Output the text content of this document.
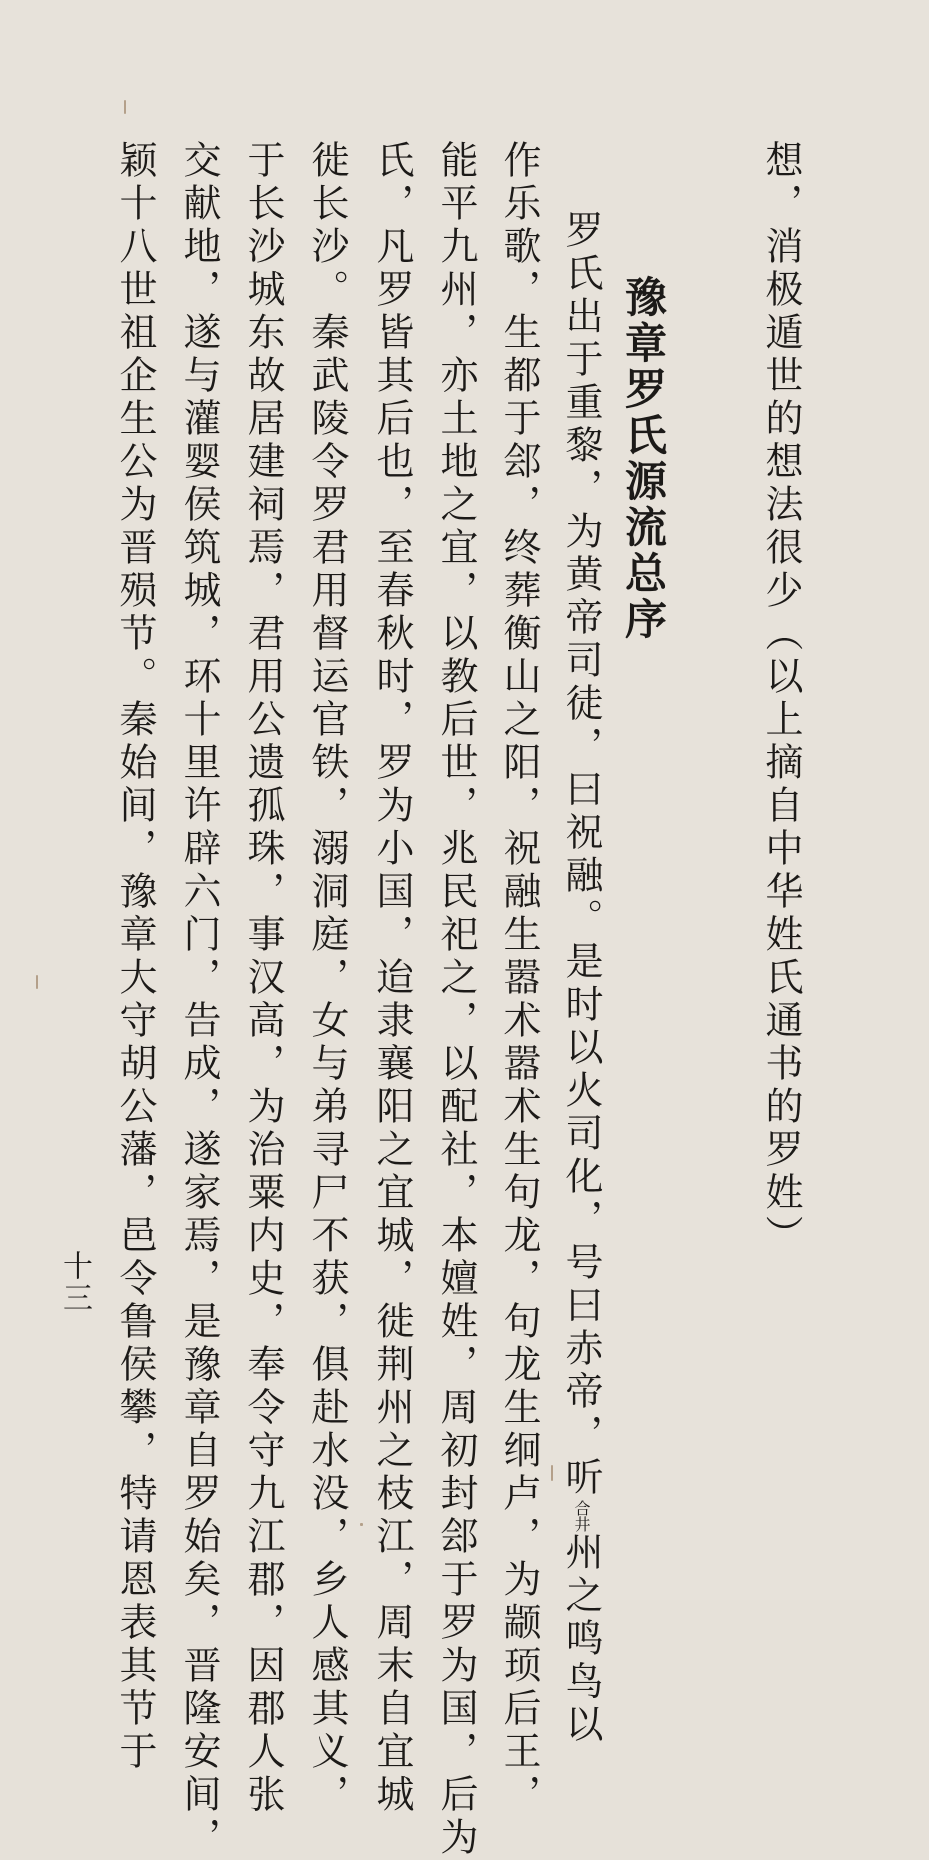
想，消极遁世的想法很少（以上摘自中华姓氏通书的罗姓）
豫章罗氏源流总序
罗氏出于重黎，为黄帝司徒，曰祝融。是时以火司化，号曰赤帝，听合井州之鸣鸟以
作乐歌，生都于郐，终葬衡山之阳，祝融生嚣术嚣术生句龙，句龙生䌹卢，为颛顼后王，
能平九州，亦土地之宜，以教后世，兆民祀之，以配社，本嬗姓，周初封郐于罗为国，后为
氏，凡罗皆其后也，至春秋时，罗为小国，迨隶襄阳之宜城，徙荆州之枝江，周末自宜城
徙长沙。秦武陵令罗君用督运官铁，溺洞庭，女与弟寻尸不获，俱赴水没，乡人感其义，
于长沙城东故居建祠焉，君用公遗孤珠，事汉高，为治粟内史，奉令守九江郡，因郡人张
交献地，遂与灌婴侯筑城，环十里许辟六门，告成，遂家焉，是豫章自罗始矣，晋隆安间，
颖十八世祖企生公为晋殒节。秦始间，豫章大守胡公藩，邑令鲁侯攀，特请恩表其节于
十三
